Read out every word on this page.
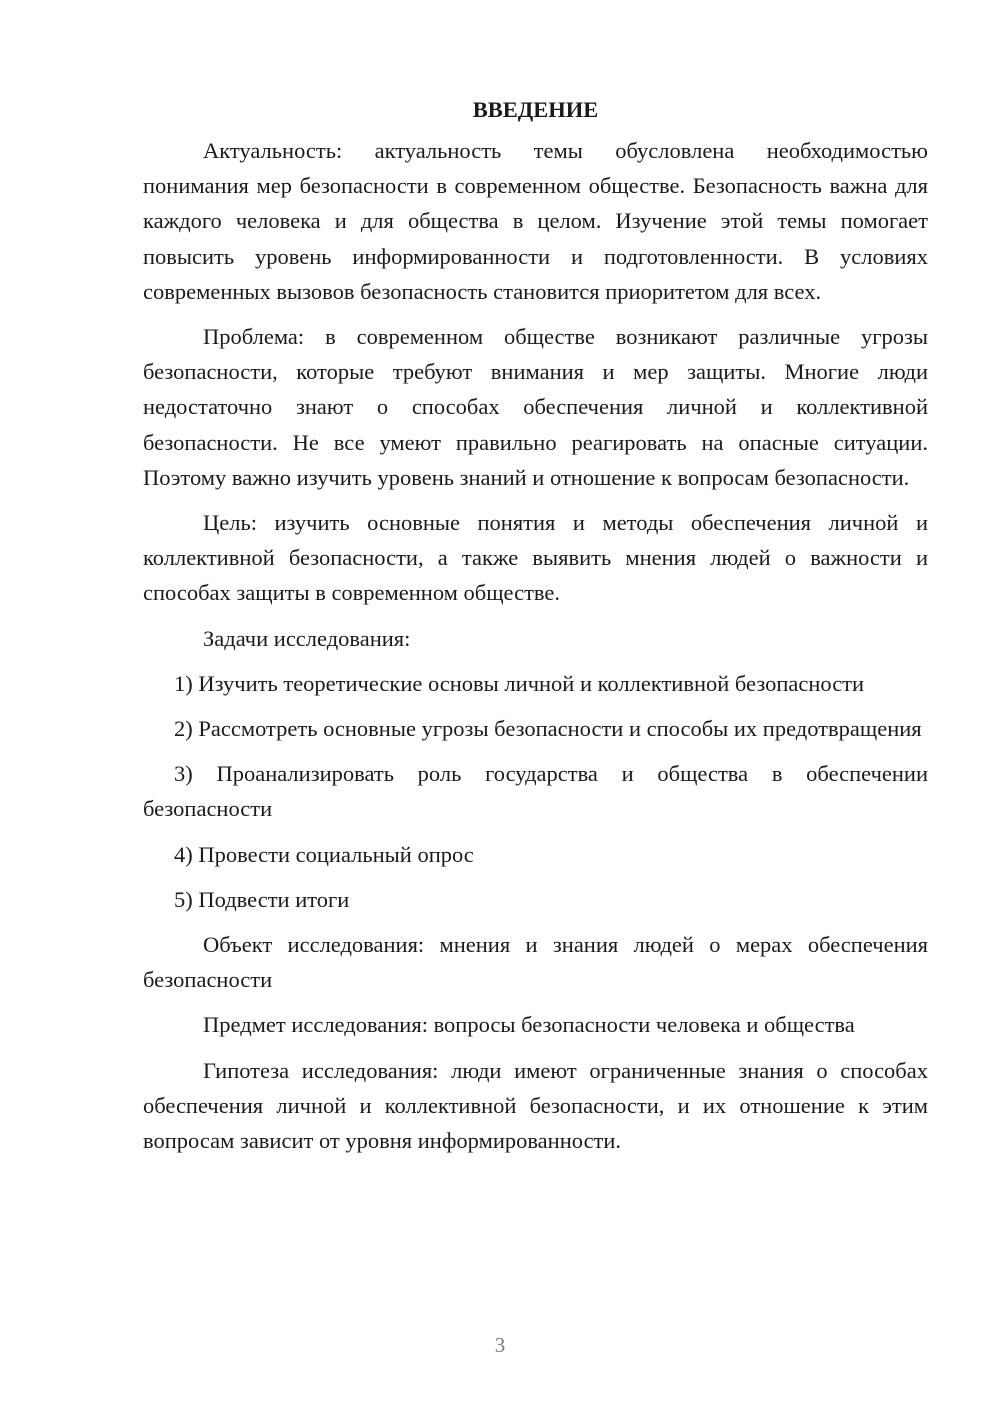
ВВЕДЕНИЕ

Актуальность: актуальность темы обусловлена необходимостью понимания мер безопасности в современном обществе. Безопасность важна для каждого человека и для общества в целом. Изучение этой темы помогает повысить уровень информированности и подготовленности. В условиях современных вызовов безопасность становится приоритетом для всех.

Проблема: в современном обществе возникают различные угрозы безопасности, которые требуют внимания и мер защиты. Многие люди недостаточно знают о способах обеспечения личной и коллективной безопасности. Не все умеют правильно реагировать на опасные ситуации. Поэтому важно изучить уровень знаний и отношение к вопросам безопасности.

Цель: изучить основные понятия и методы обеспечения личной и коллективной безопасности, а также выявить мнения людей о важности и способах защиты в современном обществе.

Задачи исследования:

1) Изучить теоретические основы личной и коллективной безопасности

2) Рассмотреть основные угрозы безопасности и способы их предотвращения

3) Проанализировать роль государства и общества в обеспечении безопасности

4) Провести социальный опрос

5) Подвести итоги

Объект исследования: мнения и знания людей о мерах обеспечения безопасности

Предмет исследования: вопросы безопасности человека и общества

Гипотеза исследования: люди имеют ограниченные знания о способах обеспечения личной и коллективной безопасности, и их отношение к этим вопросам зависит от уровня информированности.

3
